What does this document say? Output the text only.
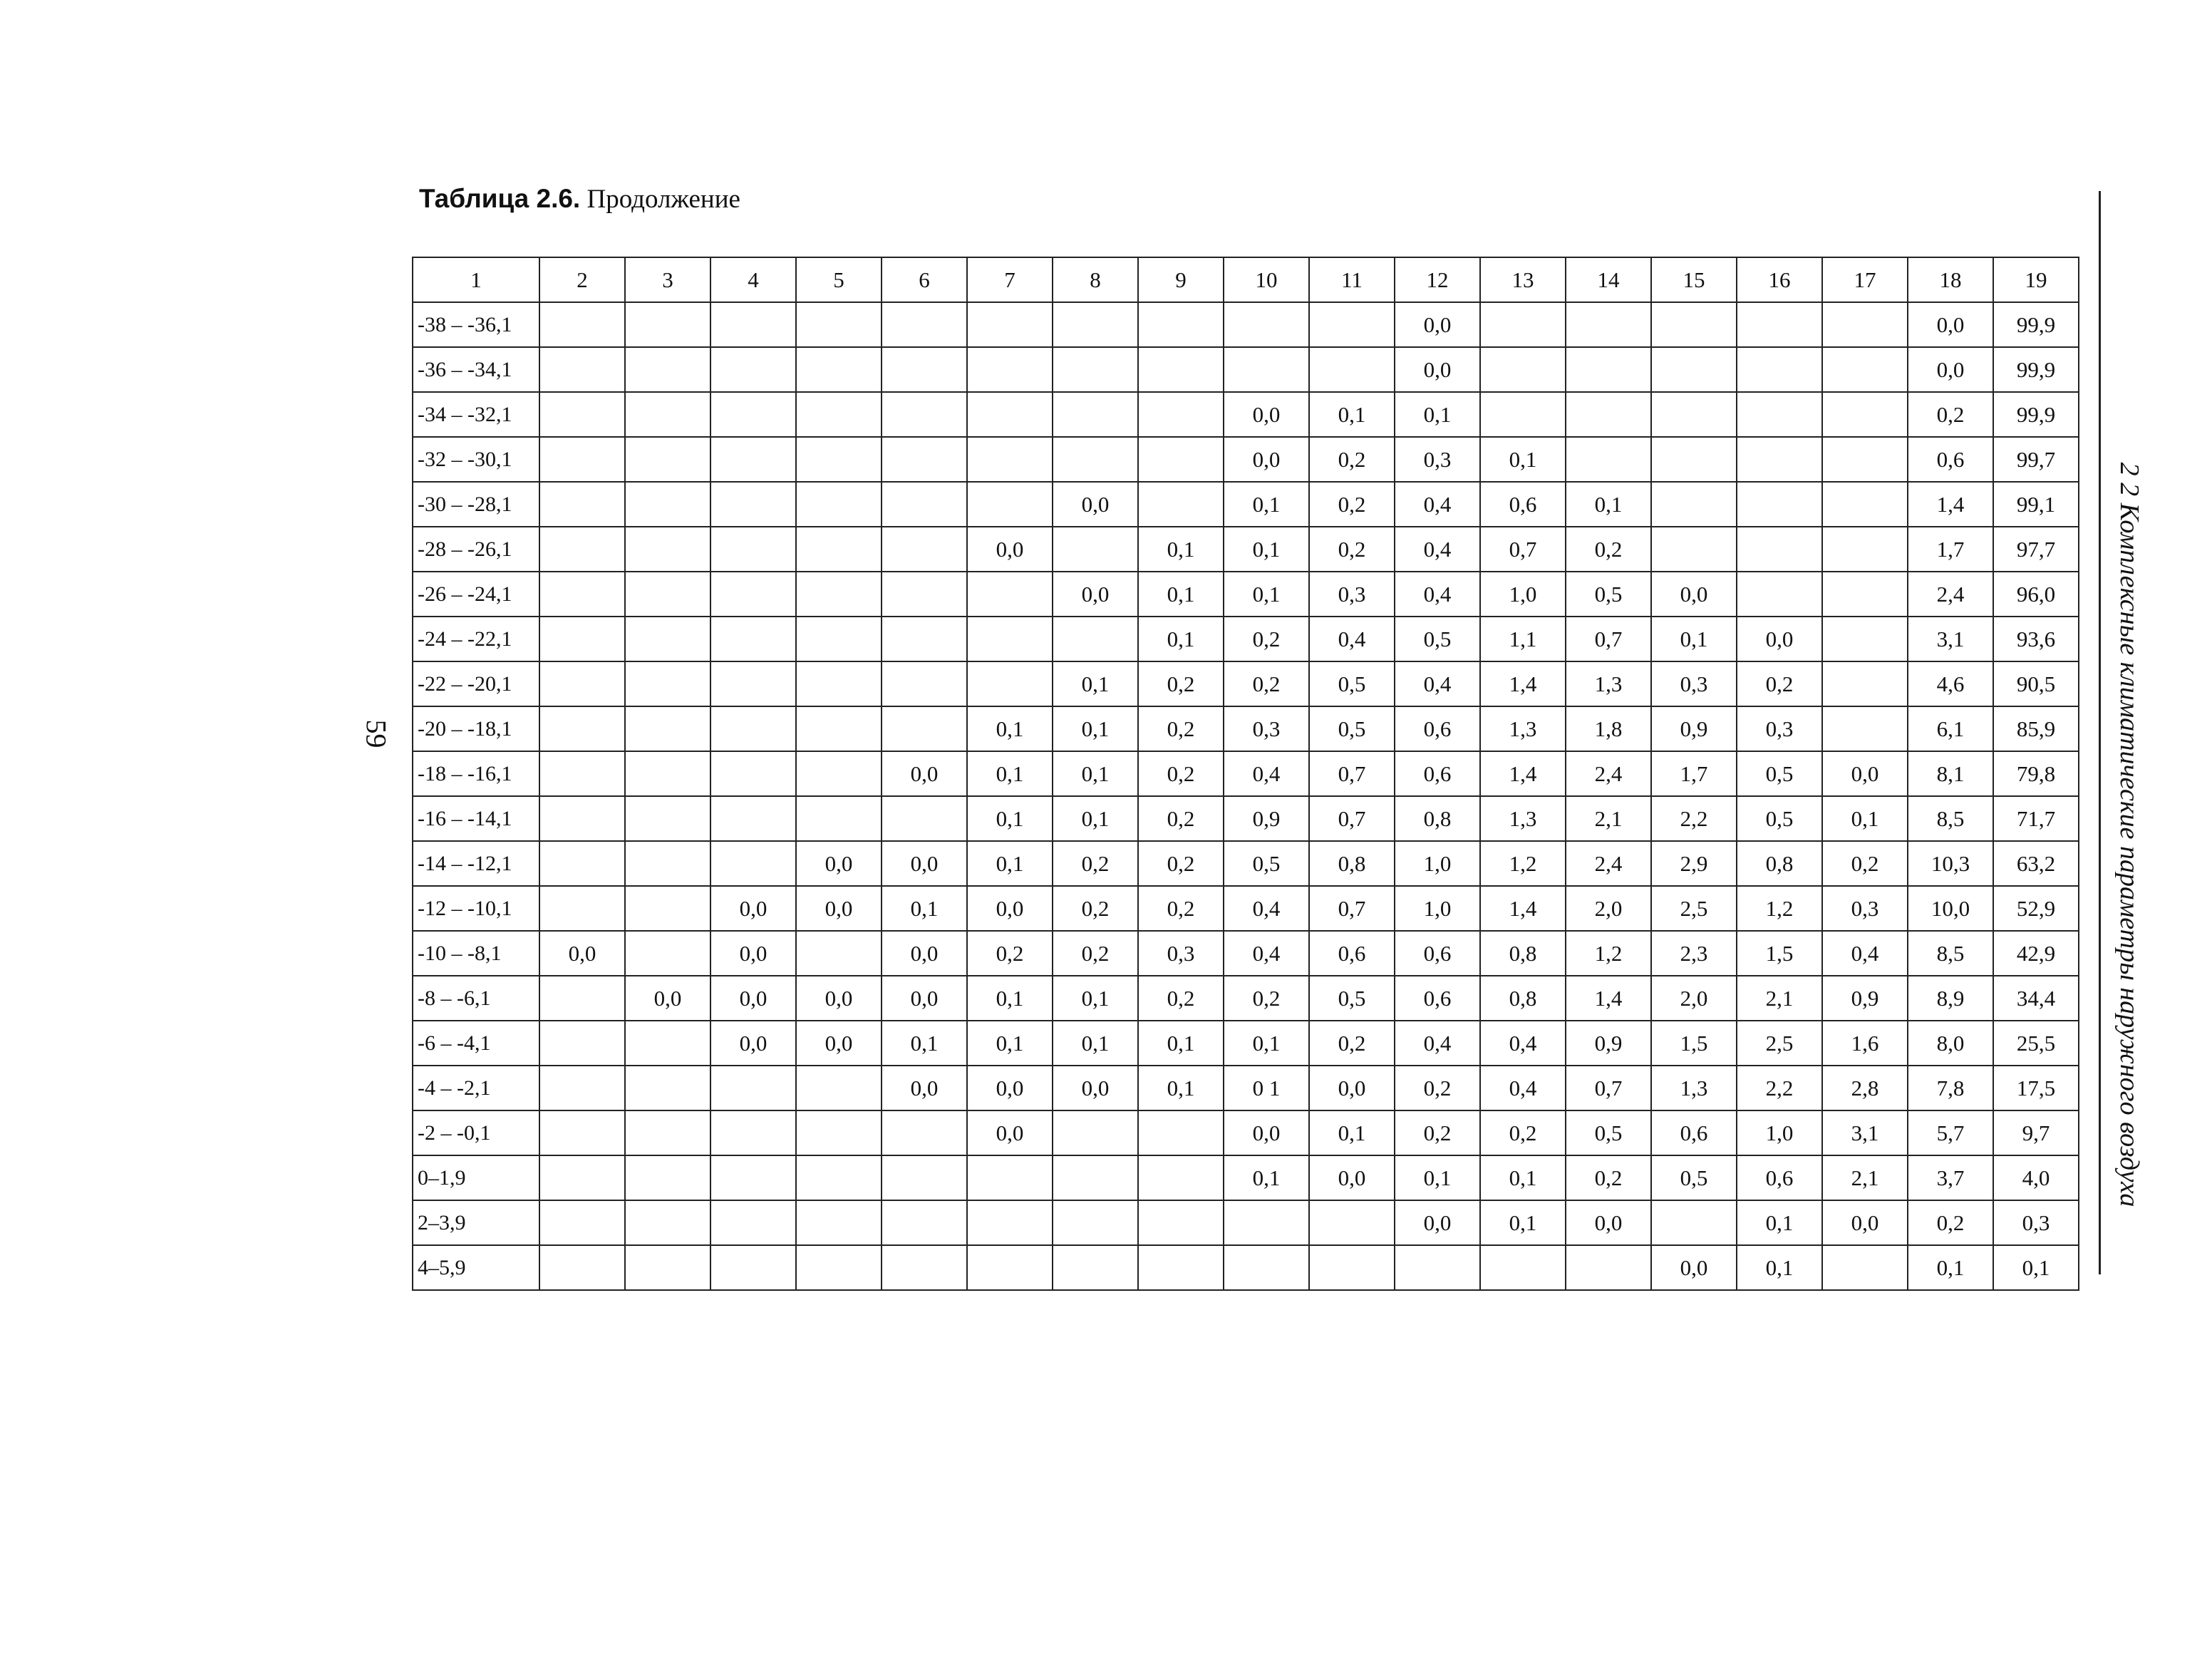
Таблица 2.6. Продолжение
59	2 2 Комплексные климатические параметры наружного воздуха
1	2	3	4	5	6	7	8	9	10	11	12	13	14	15	16	17	18	19
-38 – -36,1											0,0						0,0	99,9
-36 – -34,1											0,0						0,0	99,9
-34 – -32,1									0,0	0,1	0,1						0,2	99,9
-32 – -30,1									0,0	0,2	0,3	0,1					0,6	99,7
-30 – -28,1							0,0		0,1	0,2	0,4	0,6	0,1				1,4	99,1
-28 – -26,1						0,0		0,1	0,1	0,2	0,4	0,7	0,2				1,7	97,7
-26 – -24,1							0,0	0,1	0,1	0,3	0,4	1,0	0,5	0,0			2,4	96,0
-24 – -22,1								0,1	0,2	0,4	0,5	1,1	0,7	0,1	0,0		3,1	93,6
-22 – -20,1							0,1	0,2	0,2	0,5	0,4	1,4	1,3	0,3	0,2		4,6	90,5
-20 – -18,1						0,1	0,1	0,2	0,3	0,5	0,6	1,3	1,8	0,9	0,3		6,1	85,9
-18 – -16,1					0,0	0,1	0,1	0,2	0,4	0,7	0,6	1,4	2,4	1,7	0,5	0,0	8,1	79,8
-16 – -14,1						0,1	0,1	0,2	0,9	0,7	0,8	1,3	2,1	2,2	0,5	0,1	8,5	71,7
-14 – -12,1				0,0	0,0	0,1	0,2	0,2	0,5	0,8	1,0	1,2	2,4	2,9	0,8	0,2	10,3	63,2
-12 – -10,1			0,0	0,0	0,1	0,0	0,2	0,2	0,4	0,7	1,0	1,4	2,0	2,5	1,2	0,3	10,0	52,9
-10 – -8,1	0,0		0,0		0,0	0,2	0,2	0,3	0,4	0,6	0,6	0,8	1,2	2,3	1,5	0,4	8,5	42,9
-8 – -6,1		0,0	0,0	0,0	0,0	0,1	0,1	0,2	0,2	0,5	0,6	0,8	1,4	2,0	2,1	0,9	8,9	34,4
-6 – -4,1			0,0	0,0	0,1	0,1	0,1	0,1	0,1	0,2	0,4	0,4	0,9	1,5	2,5	1,6	8,0	25,5
-4 – -2,1					0,0	0,0	0,0	0,1	0 1	0,0	0,2	0,4	0,7	1,3	2,2	2,8	7,8	17,5
-2 – -0,1						0,0			0,0	0,1	0,2	0,2	0,5	0,6	1,0	3,1	5,7	9,7
0–1,9									0,1	0,0	0,1	0,1	0,2	0,5	0,6	2,1	3,7	4,0
2–3,9											0,0	0,1	0,0		0,1	0,0	0,2	0,3
4–5,9														0,0	0,1		0,1	0,1
